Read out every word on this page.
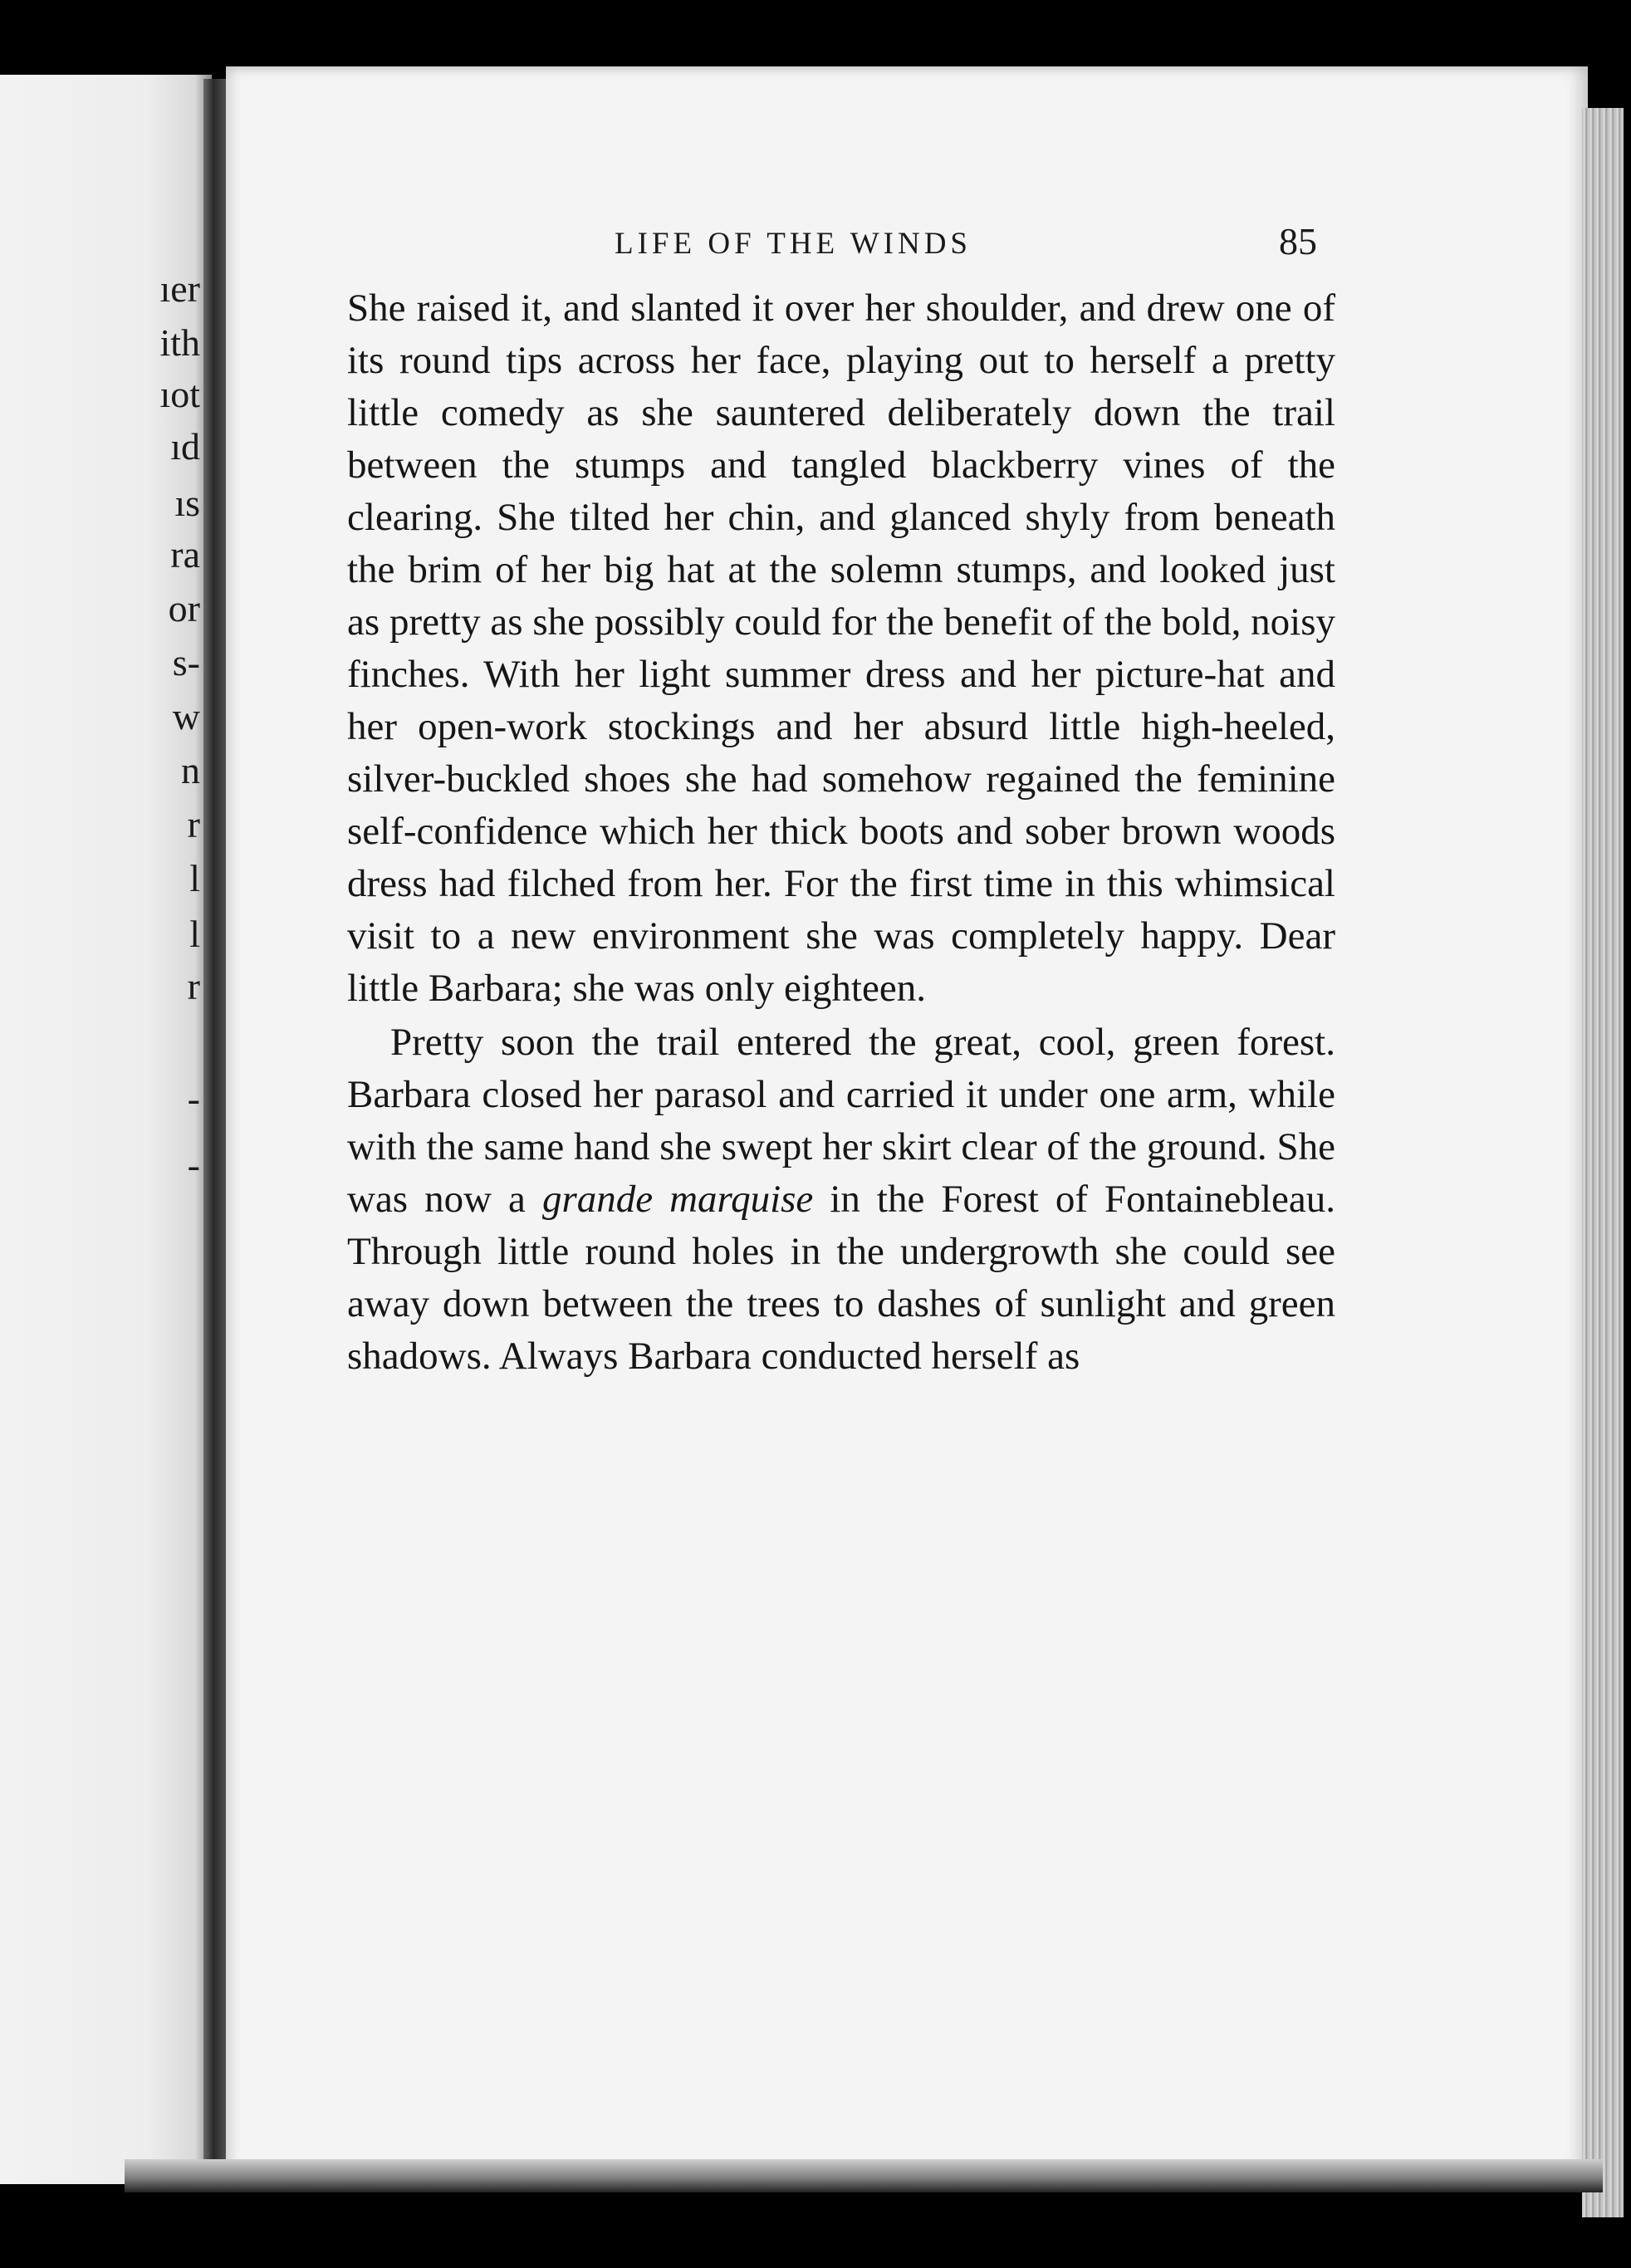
ıer
ith
ıot
ıd
ıs
ra
or
s-
w
n
r
l
l
r
-
-
LIFE OF THE WINDS	85

She raised it, and slanted it over her shoulder, and drew one of its round tips across her face, playing out to herself a pretty little comedy as she sauntered deliberately down the trail between the stumps and tangled blackberry vines of the clearing. She tilted her chin, and glanced shyly from beneath the brim of her big hat at the solemn stumps, and looked just as pretty as she possibly could for the benefit of the bold, noisy finches. With her light summer dress and her picture-hat and her open-work stockings and her absurd little high-heeled, silver-buckled shoes she had somehow regained the feminine self-confidence which her thick boots and sober brown woods dress had filched from her. For the first time in this whimsical visit to a new environment she was completely happy. Dear little Barbara; she was only eighteen.

Pretty soon the trail entered the great, cool, green forest. Barbara closed her parasol and carried it under one arm, while with the same hand she swept her skirt clear of the ground. She was now a grande marquise in the Forest of Fontainebleau. Through little round holes in the undergrowth she could see away down between the trees to dashes of sunlight and green shadows. Always Barbara conducted herself as
